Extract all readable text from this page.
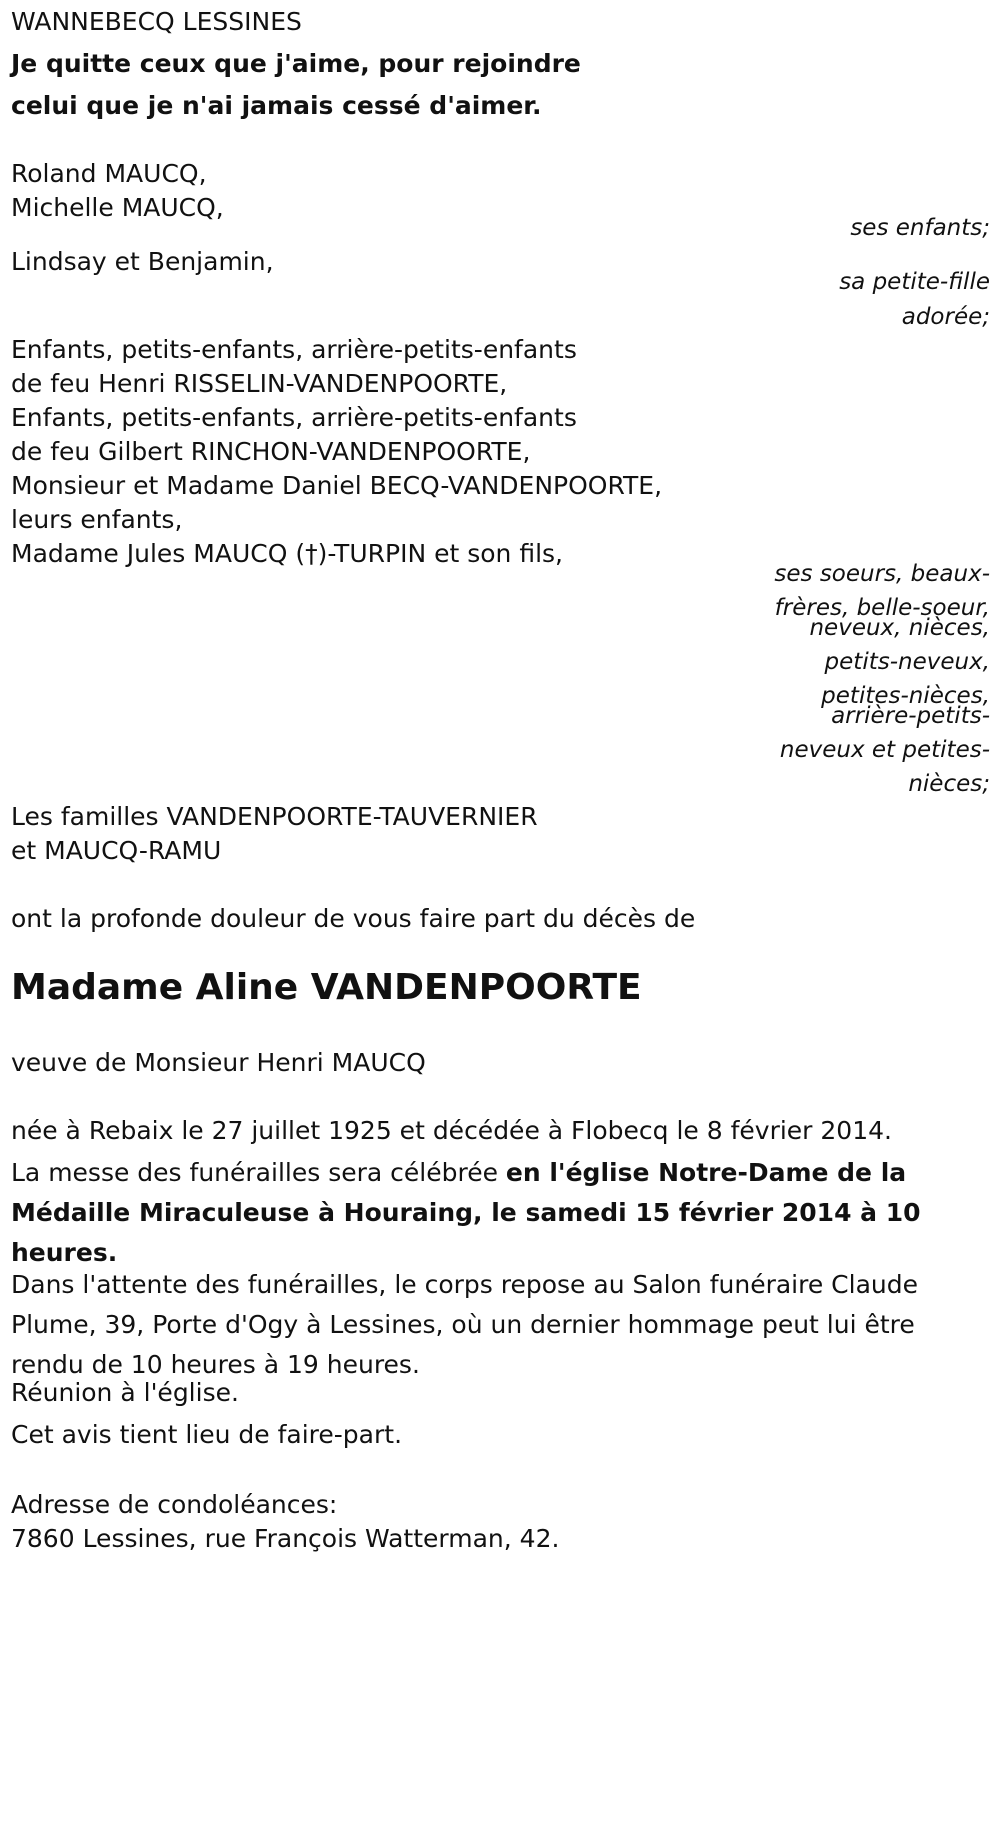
WANNEBECQ LESSINES

Je quitte ceux que j'aime, pour rejoindre

celui que je n'ai jamais cessé d'aimer.

Roland MAUCQ,

Michelle MAUCQ,

ses enfants;

Lindsay et Benjamin,

sa petite-fille

adorée;

Enfants, petits-enfants, arrière-petits-enfants

de feu Henri RISSELIN-VANDENPOORTE,

Enfants, petits-enfants, arrière-petits-enfants

de feu Gilbert RINCHON-VANDENPOORTE,

Monsieur et Madame Daniel BECQ-VANDENPOORTE,

leurs enfants,

Madame Jules MAUCQ (†)-TURPIN et son fils,

ses soeurs, beaux-

frères, belle-soeur,

neveux, nièces,

petits-neveux,

petites-nièces,

arrière-petits-

neveux et petites-

nièces;

Les familles VANDENPOORTE-TAUVERNIER

et MAUCQ-RAMU

ont la profonde douleur de vous faire part du décès de

Madame Aline VANDENPOORTE

veuve de Monsieur Henri MAUCQ

née à Rebaix le 27 juillet 1925 et décédée à Flobecq le 8 février 2014.

La messe des funérailles sera célébrée en l'église Notre-Dame de la Médaille Miraculeuse à Houraing, le samedi 15 février 2014 à 10 heures.

Dans l'attente des funérailles, le corps repose au Salon funéraire Claude Plume, 39, Porte d'Ogy à Lessines, où un dernier hommage peut lui être rendu de 10 heures à 19 heures.

Réunion à l'église.

Cet avis tient lieu de faire-part.

Adresse de condoléances:

7860 Lessines, rue François Watterman, 42.
